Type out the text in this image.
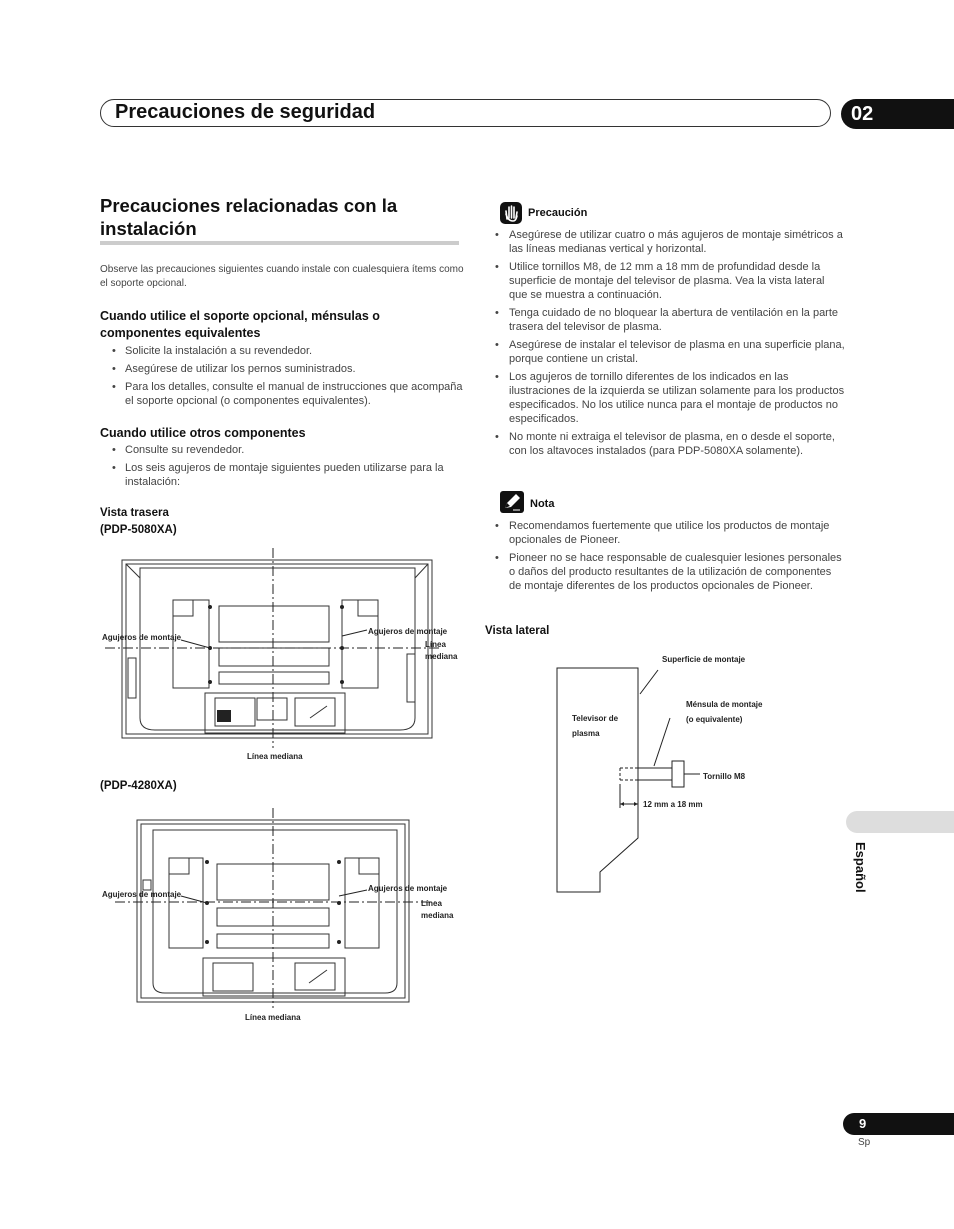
Precauciones de seguridad	02
Precauciones relacionadas con la instalación
Observe las precauciones siguientes cuando instale con cualesquiera ítems como el soporte opcional.
Cuando utilice el soporte opcional, ménsulas o componentes equivalentes
• Solicite la instalación a su revendedor.
• Asegúrese de utilizar los pernos suministrados.
• Para los detalles, consulte el manual de instrucciones que acompaña el soporte opcional (o componentes equivalentes).
Cuando utilice otros componentes
• Consulte su revendedor.
• Los seis agujeros de montaje siguientes pueden utilizarse para la instalación:
Vista trasera
(PDP-5080XA)
(PDP-4280XA)
Agujeros de montaje
Agujeros de montaje
Línea
mediana
Línea mediana
Agujeros de montaje
Agujeros de montaje
Línea
mediana
Línea mediana
Precaución
• Asegúrese de utilizar cuatro o más agujeros de montaje simétricos a las líneas medianas vertical y horizontal.
• Utilice tornillos M8, de 12 mm a 18 mm de profundidad desde la superficie de montaje del televisor de plasma. Vea la vista lateral que se muestra a continuación.
• Tenga cuidado de no bloquear la abertura de ventilación en la parte trasera del televisor de plasma.
• Asegúrese de instalar el televisor de plasma en una superficie plana, porque contiene un cristal.
• Los agujeros de tornillo diferentes de los indicados en las ilustraciones de la izquierda se utilizan solamente para los productos especificados. No los utilice nunca para el montaje de productos no especificados.
• No monte ni extraiga el televisor de plasma, en o desde el soporte, con los altavoces instalados (para PDP-5080XA solamente).
Nota
• Recomendamos fuertemente que utilice los productos de montaje opcionales de Pioneer.
• Pioneer no se hace responsable de cualesquier lesiones personales o daños del producto resultantes de la utilización de componentes de montaje diferentes de los productos opcionales de Pioneer.
Vista lateral
Superficie de montaje
Ménsula de montaje
(o equivalente)
Televisor de
plasma
Tornillo M8
12 mm a 18 mm
Español
9
Sp
